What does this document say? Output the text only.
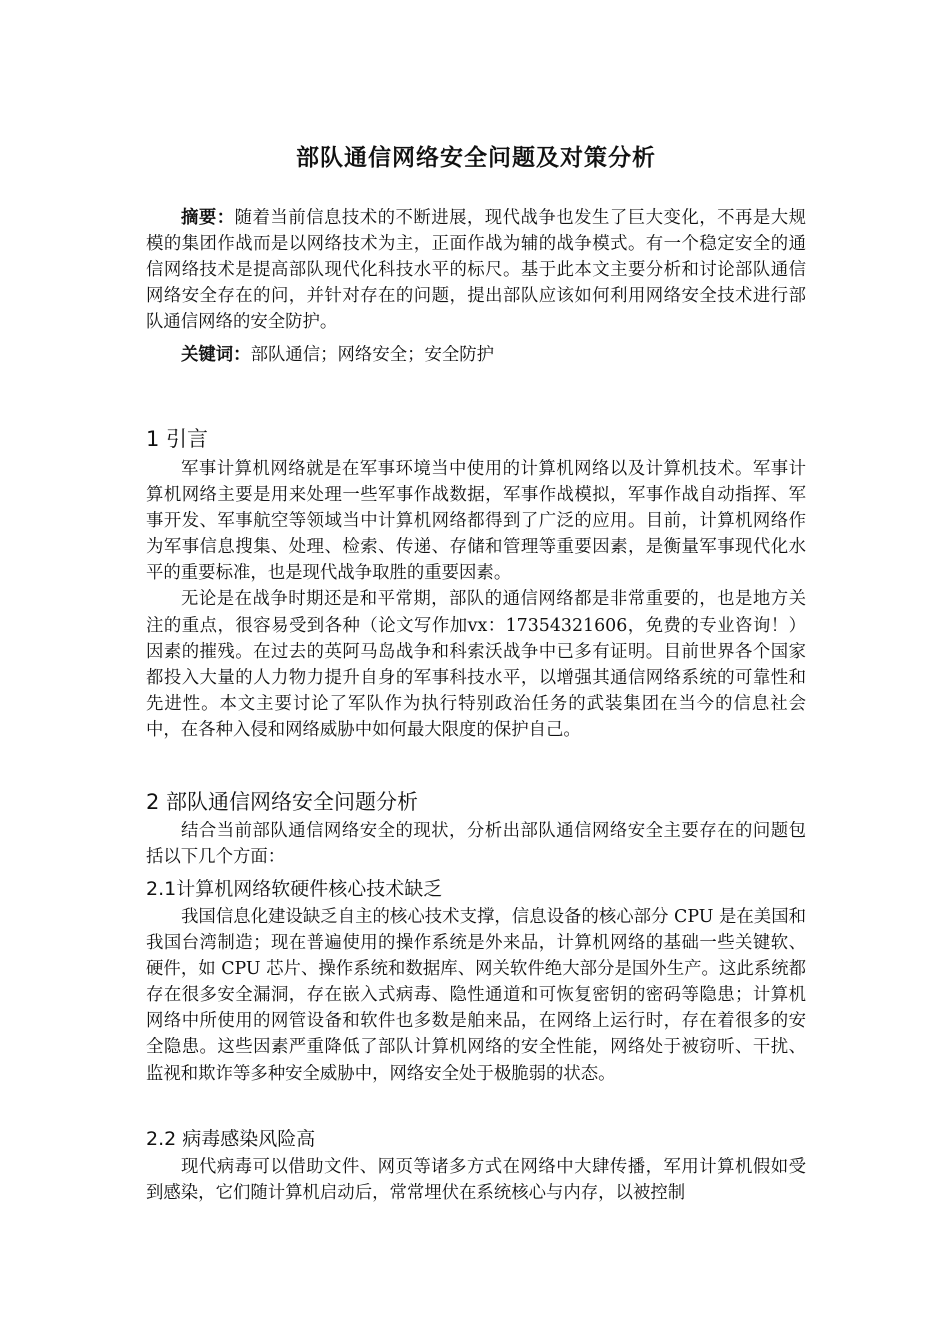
部队通信网络安全问题及对策分析

摘要：随着当前信息技术的不断进展，现代战争也发生了巨大变化，不再是大规模的集团作战而是以网络技术为主，正面作战为辅的战争模式。有一个稳定安全的通信网络技术是提高部队现代化科技水平的标尺。基于此本文主要分析和讨论部队通信网络安全存在的问，并针对存在的问题，提出部队应该如何利用网络安全技术进行部队通信网络的安全防护。

关键词：部队通信；网络安全；安全防护

1 引言

军事计算机网络就是在军事环境当中使用的计算机网络以及计算机技术。军事计算机网络主要是用来处理一些军事作战数据，军事作战模拟，军事作战自动指挥、军事开发、军事航空等领域当中计算机网络都得到了广泛的应用。目前，计算机网络作为军事信息搜集、处理、检索、传递、存储和管理等重要因素，是衡量军事现代化水平的重要标准，也是现代战争取胜的重要因素。

无论是在战争时期还是和平常期，部队的通信网络都是非常重要的，也是地方关注的重点，很容易受到各种（论文写作加vx：17354321606，免费的专业咨询！）因素的摧残。在过去的英阿马岛战争和科索沃战争中已多有证明。目前世界各个国家都投入大量的人力物力提升自身的军事科技水平，以增强其通信网络系统的可靠性和先进性。本文主要讨论了军队作为执行特别政治任务的武装集团在当今的信息社会中，在各种入侵和网络威胁中如何最大限度的保护自己。

2 部队通信网络安全问题分析

结合当前部队通信网络安全的现状，分析出部队通信网络安全主要存在的问题包括以下几个方面：

2.1计算机网络软硬件核心技术缺乏

我国信息化建设缺乏自主的核心技术支撑，信息设备的核心部分 CPU 是在美国和我国台湾制造；现在普遍使用的操作系统是外来品，计算机网络的基础一些关键软、硬件，如 CPU 芯片、操作系统和数据库、网关软件绝大部分是国外生产。这此系统都存在很多安全漏洞，存在嵌入式病毒、隐性通道和可恢复密钥的密码等隐患；计算机网络中所使用的网管设备和软件也多数是舶来品，在网络上运行时，存在着很多的安全隐患。这些因素严重降低了部队计算机网络的安全性能，网络处于被窃听、干扰、监视和欺诈等多种安全威胁中，网络安全处于极脆弱的状态。

2.2 病毒感染风险高

现代病毒可以借助文件、网页等诸多方式在网络中大肆传播，军用计算机假如受到感染，它们随计算机启动后，常常埋伏在系统核心与内存，以被控制
